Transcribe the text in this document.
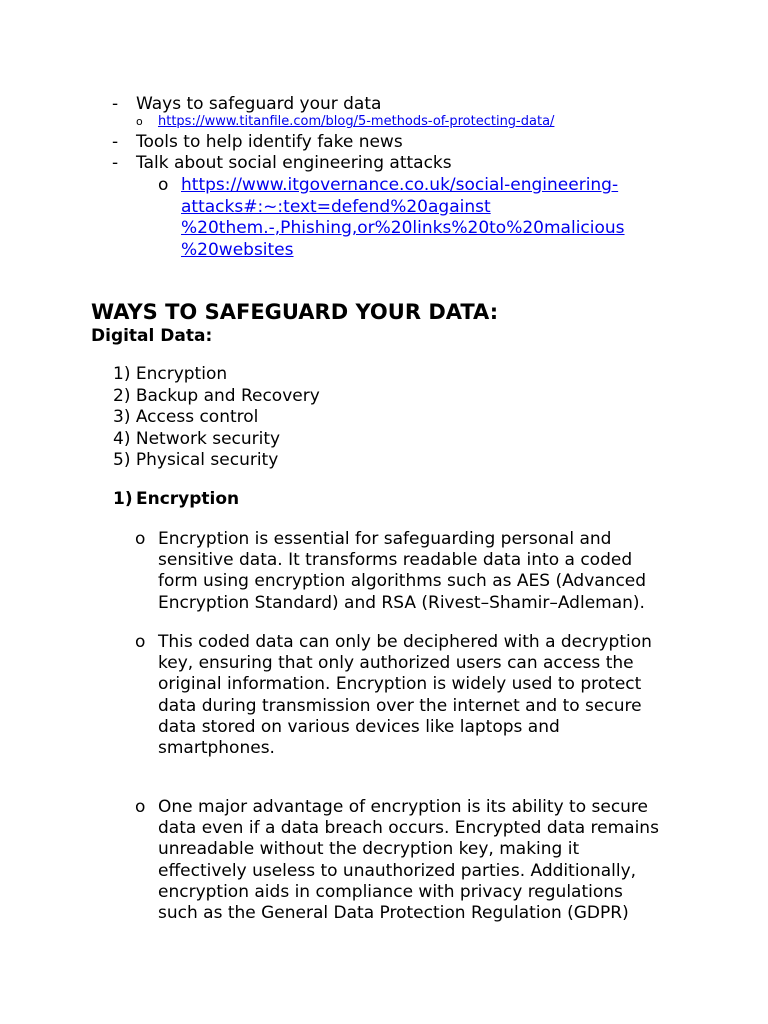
- Ways to safeguard your data
o https://www.titanfile.com/blog/5-methods-of-protecting-data/
- Tools to help identify fake news
- Talk about social engineering attacks
o https://www.itgovernance.co.uk/social-engineering-
attacks#:~:text=defend%20against
%20them.-,Phishing,or%20links%20to%20malicious
%20websites
WAYS TO SAFEGUARD YOUR DATA:
Digital Data:
1) Encryption
2) Backup and Recovery
3) Access control
4) Network security
5) Physical security
1) Encryption
o Encryption is essential for safeguarding personal and
sensitive data. It transforms readable data into a coded
form using encryption algorithms such as AES (Advanced
Encryption Standard) and RSA (Rivest–Shamir–Adleman).
o This coded data can only be deciphered with a decryption
key, ensuring that only authorized users can access the
original information. Encryption is widely used to protect
data during transmission over the internet and to secure
data stored on various devices like laptops and
smartphones.
o One major advantage of encryption is its ability to secure
data even if a data breach occurs. Encrypted data remains
unreadable without the decryption key, making it
effectively useless to unauthorized parties. Additionally,
encryption aids in compliance with privacy regulations
such as the General Data Protection Regulation (GDPR)
